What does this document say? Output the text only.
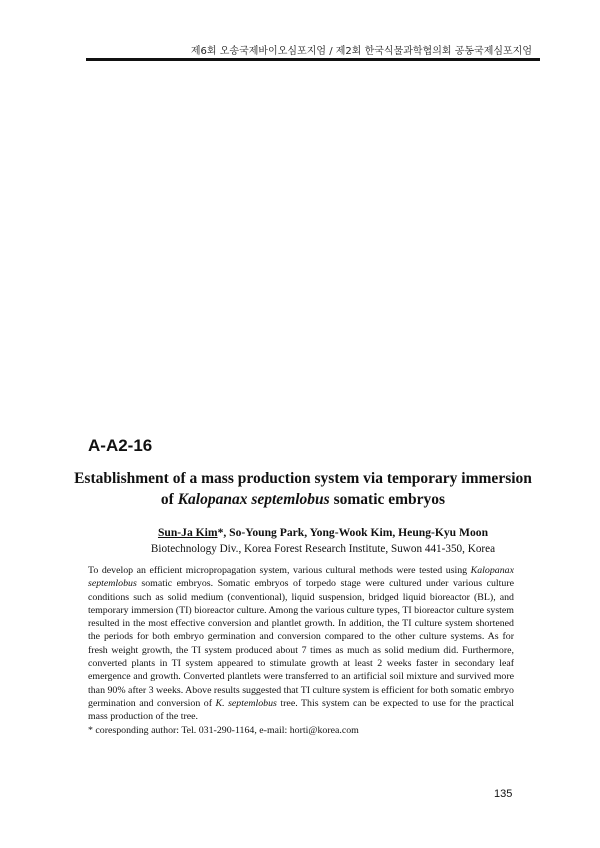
제6회 오송국제바이오심포지엄 / 제2회 한국식물과학협의회 공동국제심포지엄
A-A2-16
Establishment of a mass production system via temporary immersion
of Kalopanax septemlobus somatic embryos
Sun-Ja Kim*, So-Young Park, Yong-Wook Kim, Heung-Kyu Moon
Biotechnology Div., Korea Forest Research Institute, Suwon 441-350, Korea

To develop an efficient micropropagation system, various cultural methods were tested using Kalopanax septemlobus somatic embryos. Somatic embryos of torpedo stage were cultured under various culture conditions such as solid medium (conventional), liquid suspension, bridged liquid bioreactor (BL), and temporary immersion (TI) bioreactor culture. Among the various culture types, TI bioreactor culture system resulted in the most effective conversion and plantlet growth. In addition, the TI culture system shortened the periods for both embryo germination and conversion compared to the other culture systems. As for fresh weight growth, the TI system produced about 7 times as much as solid medium did. Furthermore, converted plants in TI system appeared to stimulate growth at least 2 weeks faster in secondary leaf emergence and growth. Converted plantlets were transferred to an artificial soil mixture and survived more than 90% after 3 weeks. Above results suggested that TI culture system is efficient for both somatic embryo germination and conversion of K. septemlobus tree. This system can be expected to use for the practical mass production of the tree.

* coresponding author: Tel. 031-290-1164, e-mail: horti@korea.com

135
